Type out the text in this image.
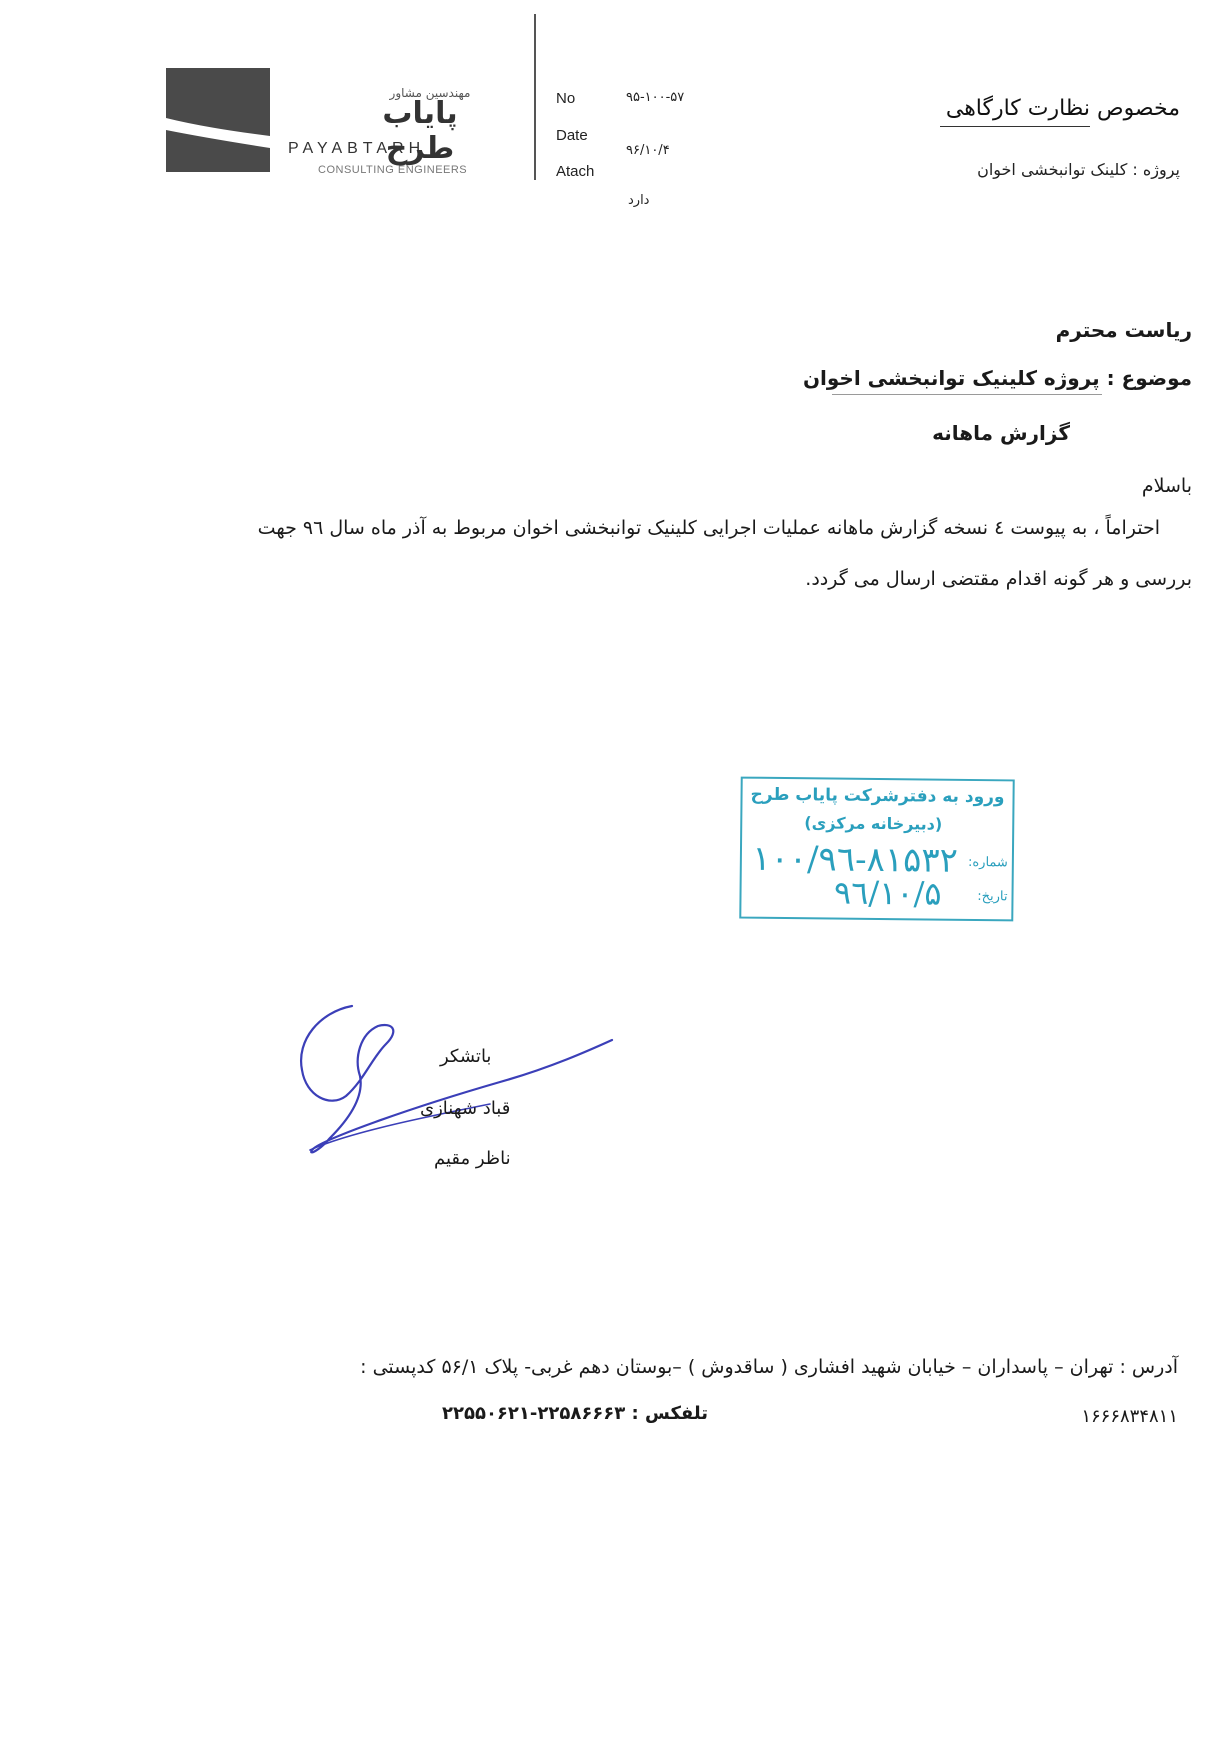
مهندسین مشاور
پایاب طرح
PAYABTARH
CONSULTING ENGINEERS
No	۹۵-۱۰۰-۵۷
Date
۹۶/۱۰/۴
Atach
دارد
مخصوص نظارت کارگاهی
پروژه : کلینک توانبخشی اخوان
ریاست محترم
موضوع : پروژه کلینیک توانبخشی اخوان
گزارش ماهانه
باسلام
احتراماً ، به پیوست ٤ نسخه گزارش ماهانه عملیات اجرایی کلینیک توانبخشی اخوان مربوط به آذر ماه سال ۹٦ جهت
بررسی و هر گونه اقدام مقتضی ارسال می گردد.
ورود به دفترشرکت پایاب طرح
(دبیرخانه مرکزی)
شماره:
۱۰۰/۹٦-۸۱۵۳۲
تاریخ:
۹٦/۱۰/۵
باتشکر
قباد شهنازی
ناظر مقیم
آدرس : تهران – پاسداران – خیابان شهید افشاری ( ساقدوش ) –بوستان دهم غربی- پلاک ۵۶/۱ کدپستی :
۱۶۶۶۸۳۴۸۱۱
تلفکس : ۲۲۵۸۶۶۶۳-۲۲۵۵۰۶۲۱
